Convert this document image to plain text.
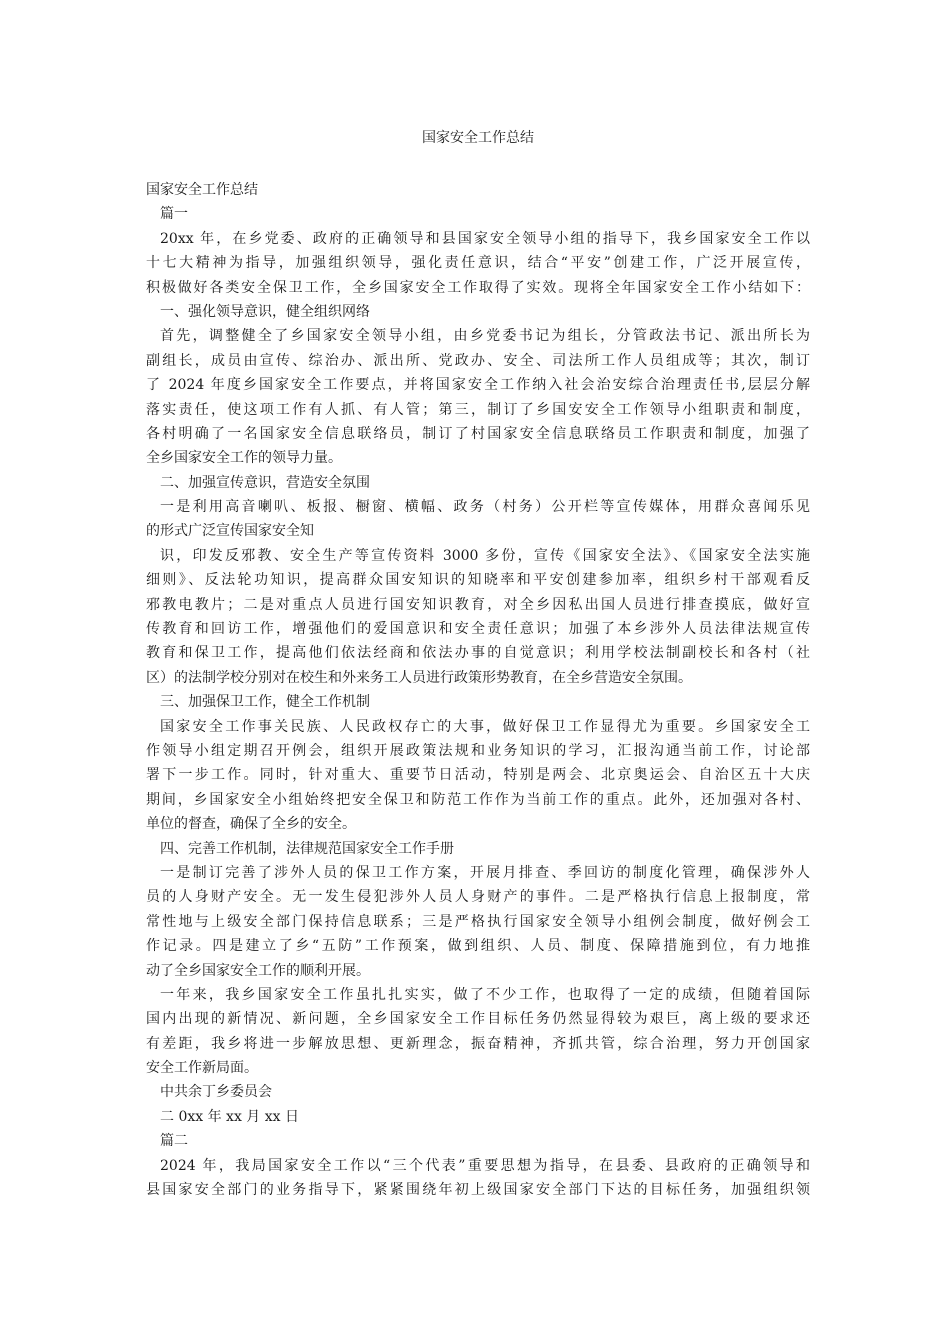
国家安全工作总结
国家安全工作总结
篇一
20xx 年，在乡党委、政府的正确领导和县国家安全领导小组的指导下，我乡国家安全工作以
十七大精神为指导，加强组织领导，强化责任意识，结合“平安”创建工作，广泛开展宣传，
积极做好各类安全保卫工作，全乡国家安全工作取得了实效。现将全年国家安全工作小结如下：
一、强化领导意识，健全组织网络
首先，调整健全了乡国家安全领导小组，由乡党委书记为组长，分管政法书记、派出所长为
副组长，成员由宣传、综治办、派出所、党政办、安全、司法所工作人员组成等；其次，制订
了 2024 年度乡国家安全工作要点，并将国家安全工作纳入社会治安综合治理责任书,层层分解
落实责任，使这项工作有人抓、有人管；第三，制订了乡国安安全工作领导小组职责和制度，
各村明确了一名国家安全信息联络员，制订了村国家安全信息联络员工作职责和制度，加强了
全乡国家安全工作的领导力量。
二、加强宣传意识，营造安全氛围
一是利用高音喇叭、板报、橱窗、横幅、政务（村务）公开栏等宣传媒体，用群众喜闻乐见
的形式广泛宣传国家安全知
识，印发反邪教、安全生产等宣传资料 3000 多份，宣传《国家安全法》、《国家安全法实施
细则》、反法轮功知识，提高群众国安知识的知晓率和平安创建参加率，组织乡村干部观看反
邪教电教片；二是对重点人员进行国安知识教育，对全乡因私出国人员进行排查摸底，做好宣
传教育和回访工作，增强他们的爱国意识和安全责任意识；加强了本乡涉外人员法律法规宣传
教育和保卫工作，提高他们依法经商和依法办事的自觉意识；利用学校法制副校长和各村（社
区）的法制学校分别对在校生和外来务工人员进行政策形势教育，在全乡营造安全氛围。
三、加强保卫工作，健全工作机制
国家安全工作事关民族、人民政权存亡的大事，做好保卫工作显得尤为重要。乡国家安全工
作领导小组定期召开例会，组织开展政策法规和业务知识的学习，汇报沟通当前工作，讨论部
署下一步工作。同时，针对重大、重要节日活动，特别是两会、北京奥运会、自治区五十大庆
期间，乡国家安全小组始终把安全保卫和防范工作作为当前工作的重点。此外，还加强对各村、
单位的督查，确保了全乡的安全。
四、完善工作机制，法律规范国家安全工作手册
一是制订完善了涉外人员的保卫工作方案，开展月排查、季回访的制度化管理，确保涉外人
员的人身财产安全。无一发生侵犯涉外人员人身财产的事件。二是严格执行信息上报制度，常
常性地与上级安全部门保持信息联系；三是严格执行国家安全领导小组例会制度，做好例会工
作记录。四是建立了乡“五防”工作预案，做到组织、人员、制度、保障措施到位，有力地推
动了全乡国家安全工作的顺利开展。
一年来，我乡国家安全工作虽扎扎实实，做了不少工作，也取得了一定的成绩，但随着国际
国内出现的新情况、新问题，全乡国家安全工作目标任务仍然显得较为艰巨，离上级的要求还
有差距，我乡将进一步解放思想、更新理念，振奋精神，齐抓共管，综合治理，努力开创国家
安全工作新局面。
中共余丁乡委员会
二 0xx 年 xx 月 xx 日
篇二
2024 年，我局国家安全工作以“三个代表”重要思想为指导，在县委、县政府的正确领导和
县国家安全部门的业务指导下，紧紧围绕年初上级国家安全部门下达的目标任务，加强组织领
